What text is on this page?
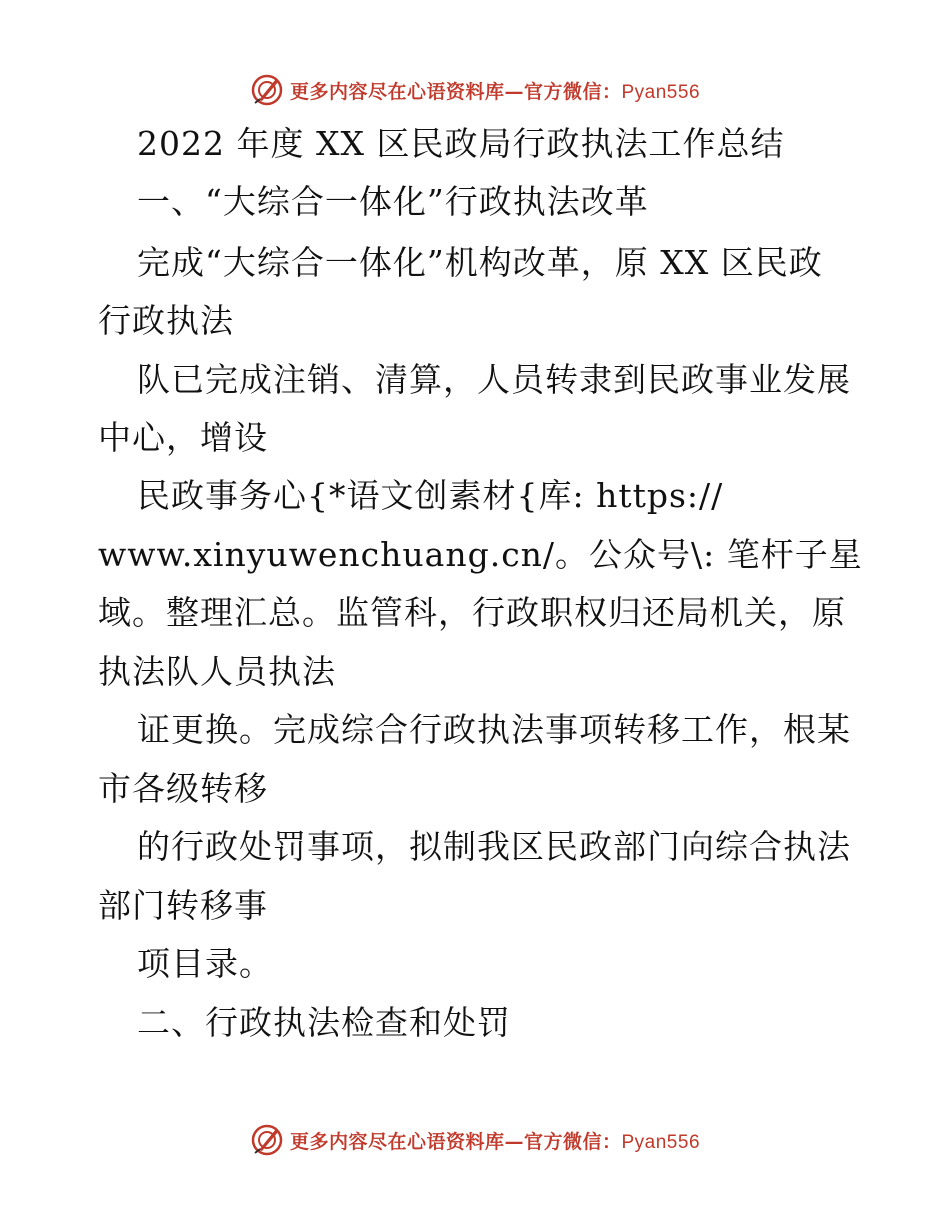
更多内容尽在心语资料库—官方微信：Pyan556
2022 年度 XX 区民政局行政执法工作总结
一、“大综合一体化”行政执法改革
完成“大综合一体化”机构改革，原 XX 区民政
行政执法
队已完成注销、清算，人员转隶到民政事业发展
中心，增设
民政事务心{*语文创素材{库: https://
www.xinyuwenchuang.cn/。公众号\: 笔杆子星
域。整理汇总。监管科，行政职权归还局机关，原
执法队人员执法
证更换。完成综合行政执法事项转移工作，根某
市各级转移
的行政处罚事项，拟制我区民政部门向综合执法
部门转移事
项目录。
二、行政执法检查和处罚
更多内容尽在心语资料库—官方微信：Pyan556
